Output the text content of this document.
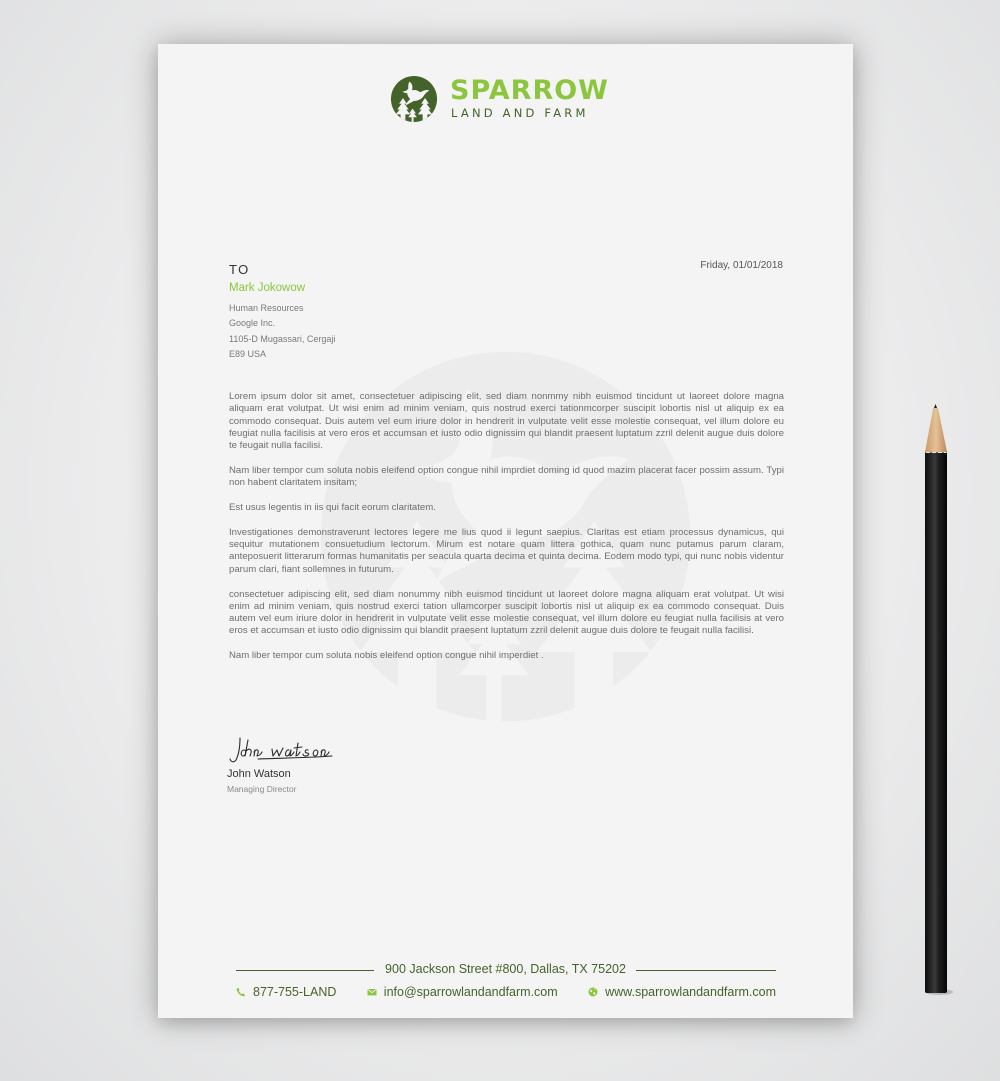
SPARROW
LAND AND FARM
TO	Friday, 01/01/2018
Mark Jokowow
Human Resources
Google Inc.
1105-D Mugassari, Cergaji
E89 USA

Lorem ipsum dolor sit amet, consectetuer adipiscing elit, sed diam nonmmy nibh euismod tincidunt ut laoreet dolore magna aliquam erat volutpat. Ut wisi enim ad minim veniam, quis nostrud exerci tationmcorper suscipit lobortis nisl ut aliquip ex ea commodo consequat. Duis autem vel eum iriure dolor in hendrerit in vulputate velit esse molestie consequat, vel illum dolore eu feugiat nulla facilisis at vero eros et accumsan et iusto odio dignissim qui blandit praesent luptatum zzril delenit augue duis dolore te feugait nulla facilisi.

Nam liber tempor cum soluta nobis eleifend option congue nihil imprdiet doming id quod mazim placerat facer possim assum. Typi non habent claritatem insitam;

Est usus legentis in iis qui facit eorum claritatem.

Investigationes demonstraverunt lectores legere me lius quod ii legunt saepius. Claritas est etiam processus dynamicus, qui sequitur mutationem consuetudium lectorum. Mirum est notare quam littera gothica, quam nunc putamus parum claram, anteposuerit litterarum formas humanitatis per seacula quarta decima et quinta decima. Eodem modo typi, qui nunc nobis videntur parum clari, fiant sollemnes in futurum.

consectetuer adipiscing elit, sed diam nonummy nibh euismod tincidunt ut laoreet dolore magna aliquam erat volutpat. Ut wisi enim ad minim veniam, quis nostrud exerci tation ullamcorper suscipit lobortis nisl ut aliquip ex ea commodo consequat. Duis autem vel eum iriure dolor in hendrerit in vulputate velit esse molestie consequat, vel illum dolore eu feugiat nulla facilisis at vero eros et accumsan et iusto odio dignissim qui blandit praesent luptatum zzril delenit augue duis dolore te feugait nulla facilisi.

Nam liber tempor cum soluta nobis eleifend option congue nihil imperdiet .

John Watson
Managing Director
900 Jackson Street #800, Dallas, TX 75202
877-755-LAND	info@sparrowlandandfarm.com	www.sparrowlandandfarm.com
